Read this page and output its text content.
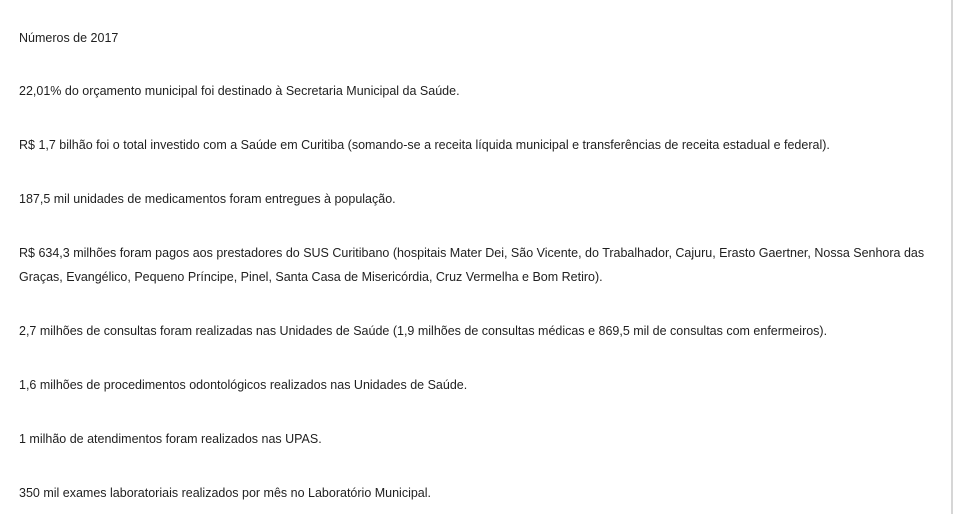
Números de 2017

22,01% do orçamento municipal foi destinado à Secretaria Municipal da Saúde.

R$ 1,7 bilhão foi o total investido com a Saúde em Curitiba (somando-se a receita líquida municipal e transferências de receita estadual e federal).

187,5 mil unidades de medicamentos foram entregues à população.

R$ 634,3 milhões foram pagos aos prestadores do SUS Curitibano (hospitais Mater Dei, São Vicente, do Trabalhador, Cajuru, Erasto Gaertner, Nossa Senhora das Graças, Evangélico, Pequeno Príncipe, Pinel, Santa Casa de Misericórdia, Cruz Vermelha e Bom Retiro).

2,7 milhões de consultas foram realizadas nas Unidades de Saúde (1,9 milhões de consultas médicas e 869,5 mil de consultas com enfermeiros).

1,6 milhões de procedimentos odontológicos realizados nas Unidades de Saúde.

1 milhão de atendimentos foram realizados nas UPAS.

350 mil exames laboratoriais realizados por mês no Laboratório Municipal.
